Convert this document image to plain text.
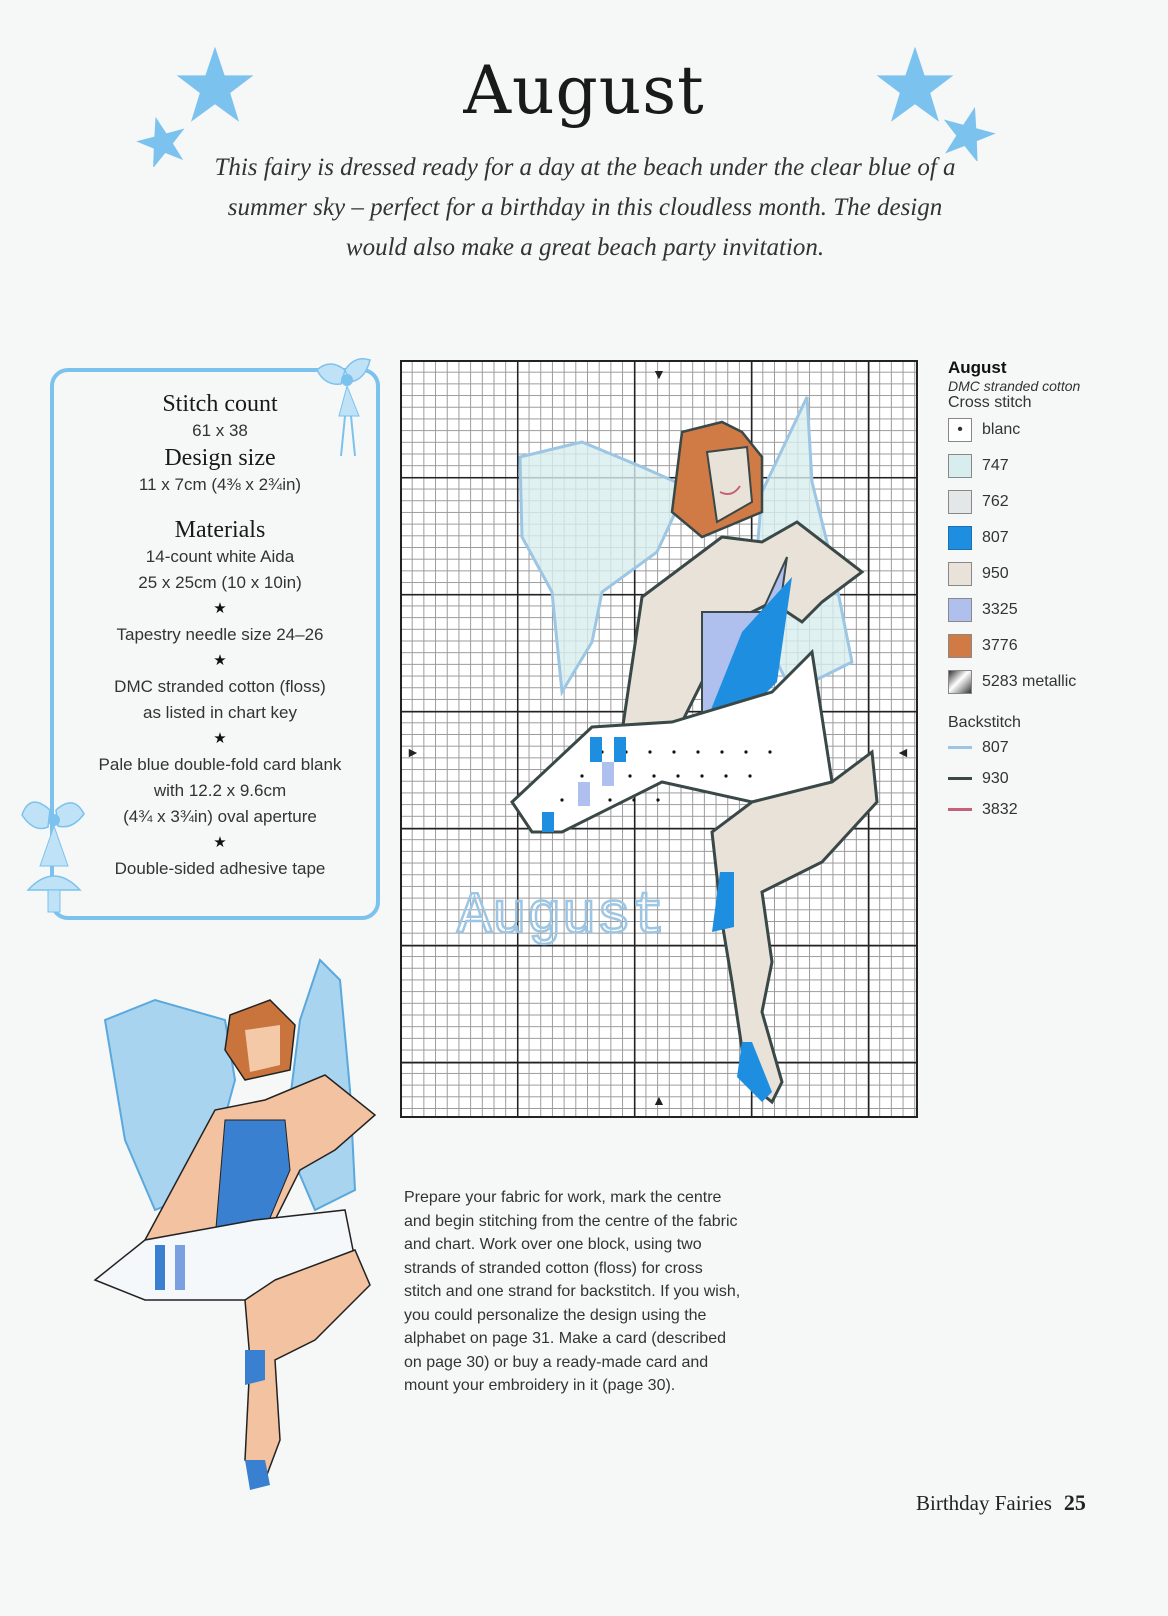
August
This fairy is dressed ready for a day at the beach under the clear blue of a summer sky – perfect for a birthday in this cloudless month. The design would also make a great beach party invitation.
Stitch count
61 x 38
Design size
11 x 7cm (4⅜ x 2¾in)
Materials
14-count white Aida
25 x 25cm (10 x 10in)
★
Tapestry needle size 24–26
★
DMC stranded cotton (floss)
as listed in chart key
★
Pale blue double-fold card blank
with 12.2 x 9.6cm
(4¾ x 3¾in) oval aperture
★
Double-sided adhesive tape
August
▼
▲
►	◄
August
DMC stranded cotton
Cross stitch
•	blanc
747
762
807
950
3325
3776
5283 metallic
Backstitch
807
930
3832
Prepare your fabric for work, mark the centre and begin stitching from the centre of the fabric and chart. Work over one block, using two strands of stranded cotton (floss) for cross stitch and one strand for backstitch. If you wish, you could personalize the design using the alphabet on page 31. Make a card (described on page 30) or buy a ready-made card and mount your embroidery in it (page 30).
Birthday Fairies 25
